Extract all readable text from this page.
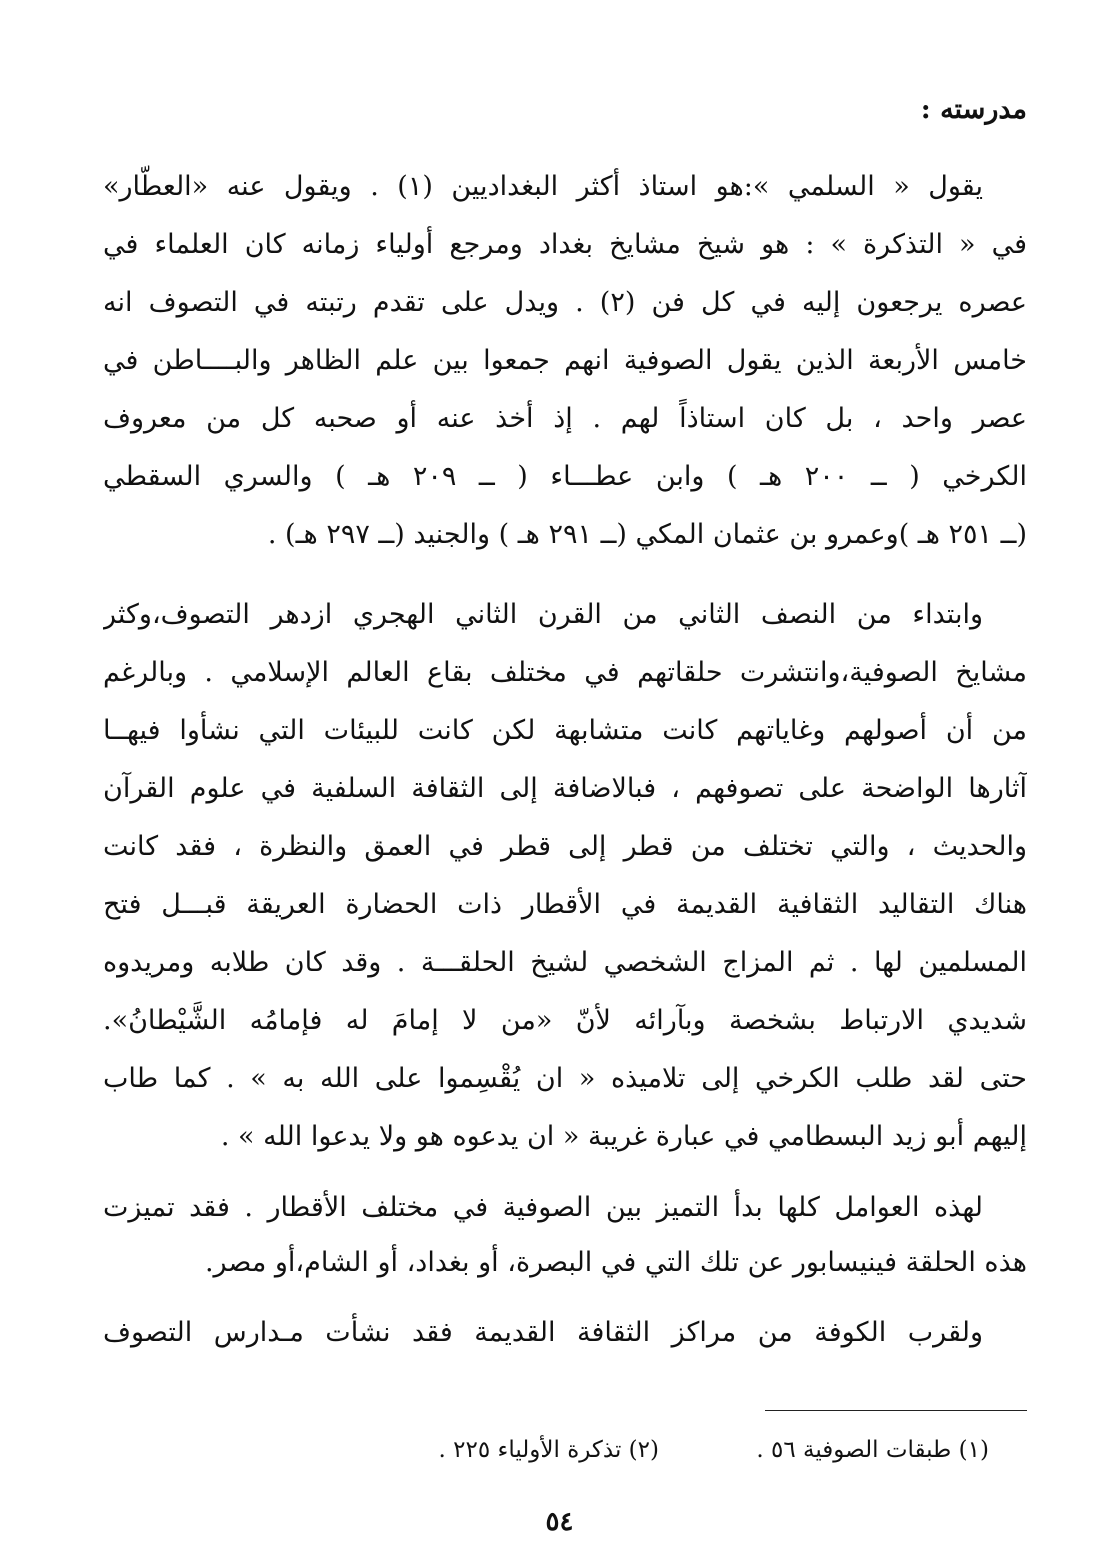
مدرسته :
يقول « السلمي »:هو استاذ أكثر البغداديين (١) . ويقول عنه «العطّار»
في « التذكرة » : هو شيخ مشايخ بغداد ومرجع أولياء زمانه كان العلماء في
عصره يرجعون إليه في كل فن (٢) . ويدل على تقدم رتبته في التصوف انه
خامس الأربعة الذين يقول الصوفية انهم جمعوا بين علم الظاهر والبــــاطن في
عصر واحد ، بل كان استاذاً لهم . إذ أخذ عنه أو صحبه كل من معروف
الكرخي ( ــ ٢٠٠ هـ ) وابن عطـــاء ( ــ ٢٠٩ هـ ) والسري السقطي
(ــ ٢٥١ هـ )وعمرو بن عثمان المكي (ــ ٢٩١ هـ ) والجنيد (ــ ٢٩٧ هـ) .
وابتداء من النصف الثاني من القرن الثاني الهجري ازدهر التصوف،وكثر
مشايخ الصوفية،وانتشرت حلقاتهم في مختلف بقاع العالم الإسلامي . وبالرغم
من أن أصولهم وغاياتهم كانت متشابهة لكن كانت للبيئات التي نشأوا فيهــا
آثارها الواضحة على تصوفهم ، فبالاضافة إلى الثقافة السلفية في علوم القرآن
والحديث ، والتي تختلف من قطر إلى قطر في العمق والنظرة ، فقد كانت
هناك التقاليد الثقافية القديمة في الأقطار ذات الحضارة العريقة قبـــل فتح
المسلمين لها . ثم المزاج الشخصي لشيخ الحلقـــة . وقد كان طلابه ومريدوه
شديدي الارتباط بشخصة وبآرائه لأنّ «من لا إمامَ له فإمامُه الشَّيْطانُ».
حتى لقد طلب الكرخي إلى تلاميذه « ان يُقْسِموا على الله به » . كما طاب
إليهم أبو زيد البسطامي في عبارة غريبة « ان يدعوه هو ولا يدعوا الله » .
لهذه العوامل كلها بدأ التميز بين الصوفية في مختلف الأقطار . فقد تميزت
هذه الحلقة فينيسابور عن تلك التي في البصرة، أو بغداد، أو الشام،أو مصر.
ولقرب الكوفة من مراكز الثقافة القديمة فقد نشأت مـدارس التصوف
(١) طبقات الصوفية ٥٦ .
(٢) تذكرة الأولياء ٢٢٥ .
٥٤
